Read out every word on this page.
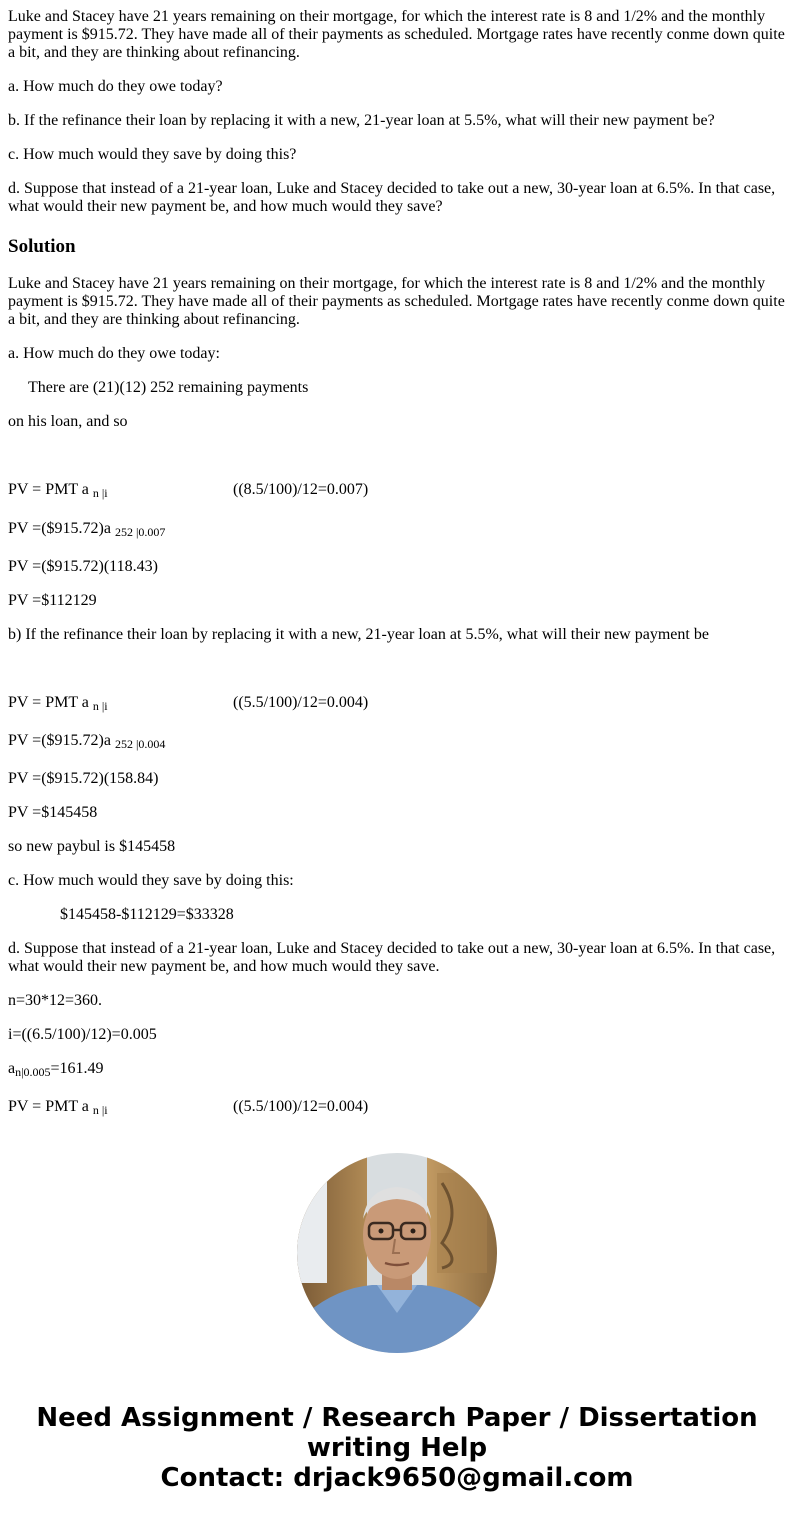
Luke and Stacey have 21 years remaining on their mortgage, for which the interest rate is 8 and 1/2% and the monthly payment is $915.72. They have made all of their payments as scheduled. Mortgage rates have recently conme down quite a bit, and they are thinking about refinancing.

a. How much do they owe today?

b. If the refinance their loan by replacing it with a new, 21-year loan at 5.5%, what will their new payment be?

c. How much would they save by doing this?

d. Suppose that instead of a 21-year loan, Luke and Stacey decided to take out a new, 30-year loan at 6.5%. In that case, what would their new payment be, and how much would they save?

Solution

Luke and Stacey have 21 years remaining on their mortgage, for which the interest rate is 8 and 1/2% and the monthly payment is $915.72. They have made all of their payments as scheduled. Mortgage rates have recently conme down quite a bit, and they are thinking about refinancing.

a. How much do they owe today:

There are (21)(12) 252 remaining payments

on his loan, and so

PV = PMT a $_{n |i}$	((8.5/100)/12=0.007)

PV =($915.72)a $_{252 |0.007}$

PV =($915.72)(118.43)

PV =$112129

b) If the refinance their loan by replacing it with a new, 21-year loan at 5.5%, what will their new payment be

PV = PMT a $_{n |i}$	((5.5/100)/12=0.004)

PV =($915.72)a $_{252 |0.004}$

PV =($915.72)(158.84)

PV =$145458

so new paybul is $145458

c. How much would they save by doing this:

$145458-$112129=$33328

d. Suppose that instead of a 21-year loan, Luke and Stacey decided to take out a new, 30-year loan at 6.5%. In that case, what would their new payment be, and how much would they save.

n=30*12=360.

i=((6.5/100)/12)=0.005

$a_{n|0.005}=161.49$

PV = PMT a $_{n |i}$	((5.5/100)/12=0.004)

Need Assignment / Research Paper / Dissertation
writing Help
Contact: drjack9650@gmail.com
